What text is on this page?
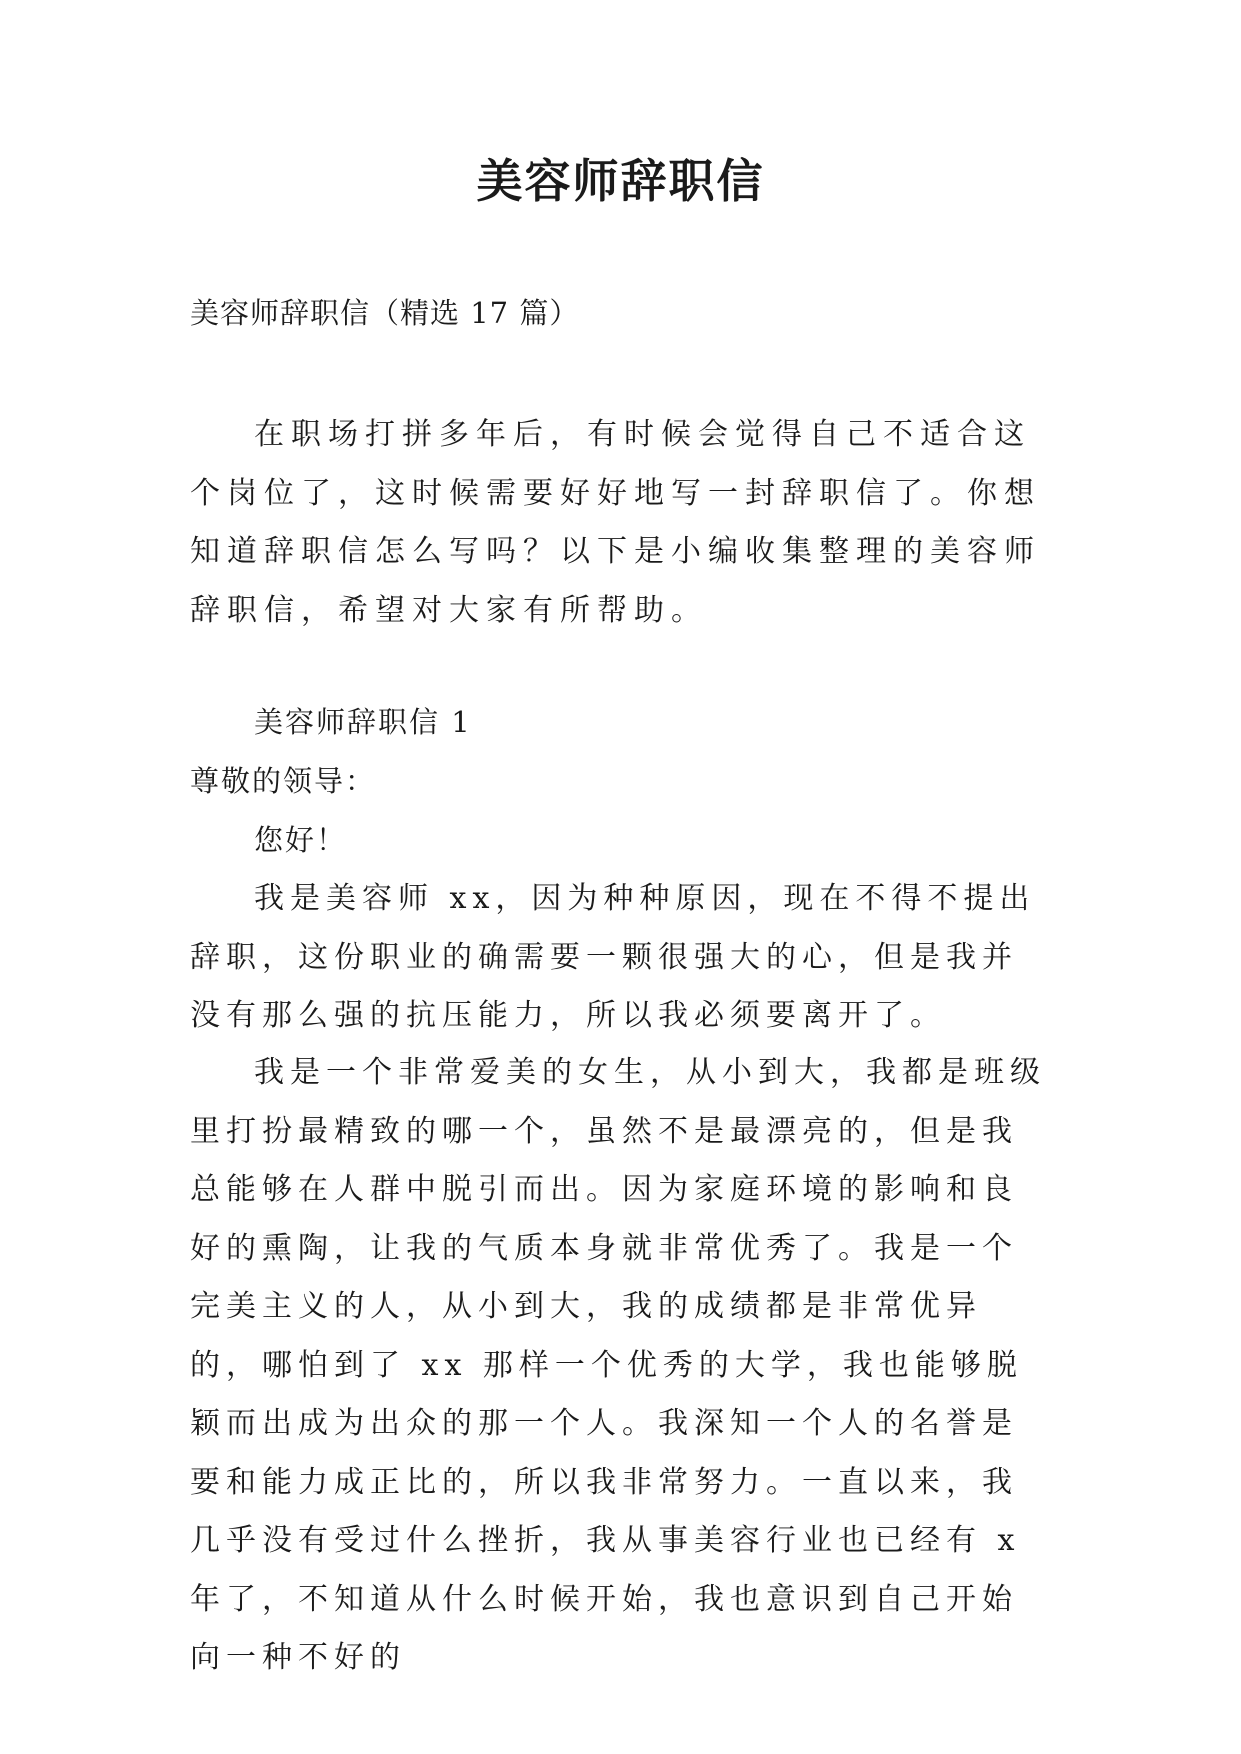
美容师辞职信
美容师辞职信（精选 17 篇）

在职场打拼多年后，有时候会觉得自己不适合这个岗位了，这时候需要好好地写一封辞职信了。你想知道辞职信怎么写吗？以下是小编收集整理的美容师辞职信，希望对大家有所帮助。

美容师辞职信 1
尊敬的领导：
您好！

我是美容师 xx，因为种种原因，现在不得不提出辞职，这份职业的确需要一颗很强大的心，但是我并没有那么强的抗压能力，所以我必须要离开了。

我是一个非常爱美的女生，从小到大，我都是班级里打扮最精致的哪一个，虽然不是最漂亮的，但是我总能够在人群中脱引而出。因为家庭环境的影响和良好的熏陶，让我的气质本身就非常优秀了。我是一个完美主义的人，从小到大，我的成绩都是非常优异的，哪怕到了 xx 那样一个优秀的大学，我也能够脱颖而出成为出众的那一个人。我深知一个人的名誉是要和能力成正比的，所以我非常努力。一直以来，我几乎没有受过什么挫折，我从事美容行业也已经有 x 年了，不知道从什么时候开始，我也意识到自己开始向一种不好的
